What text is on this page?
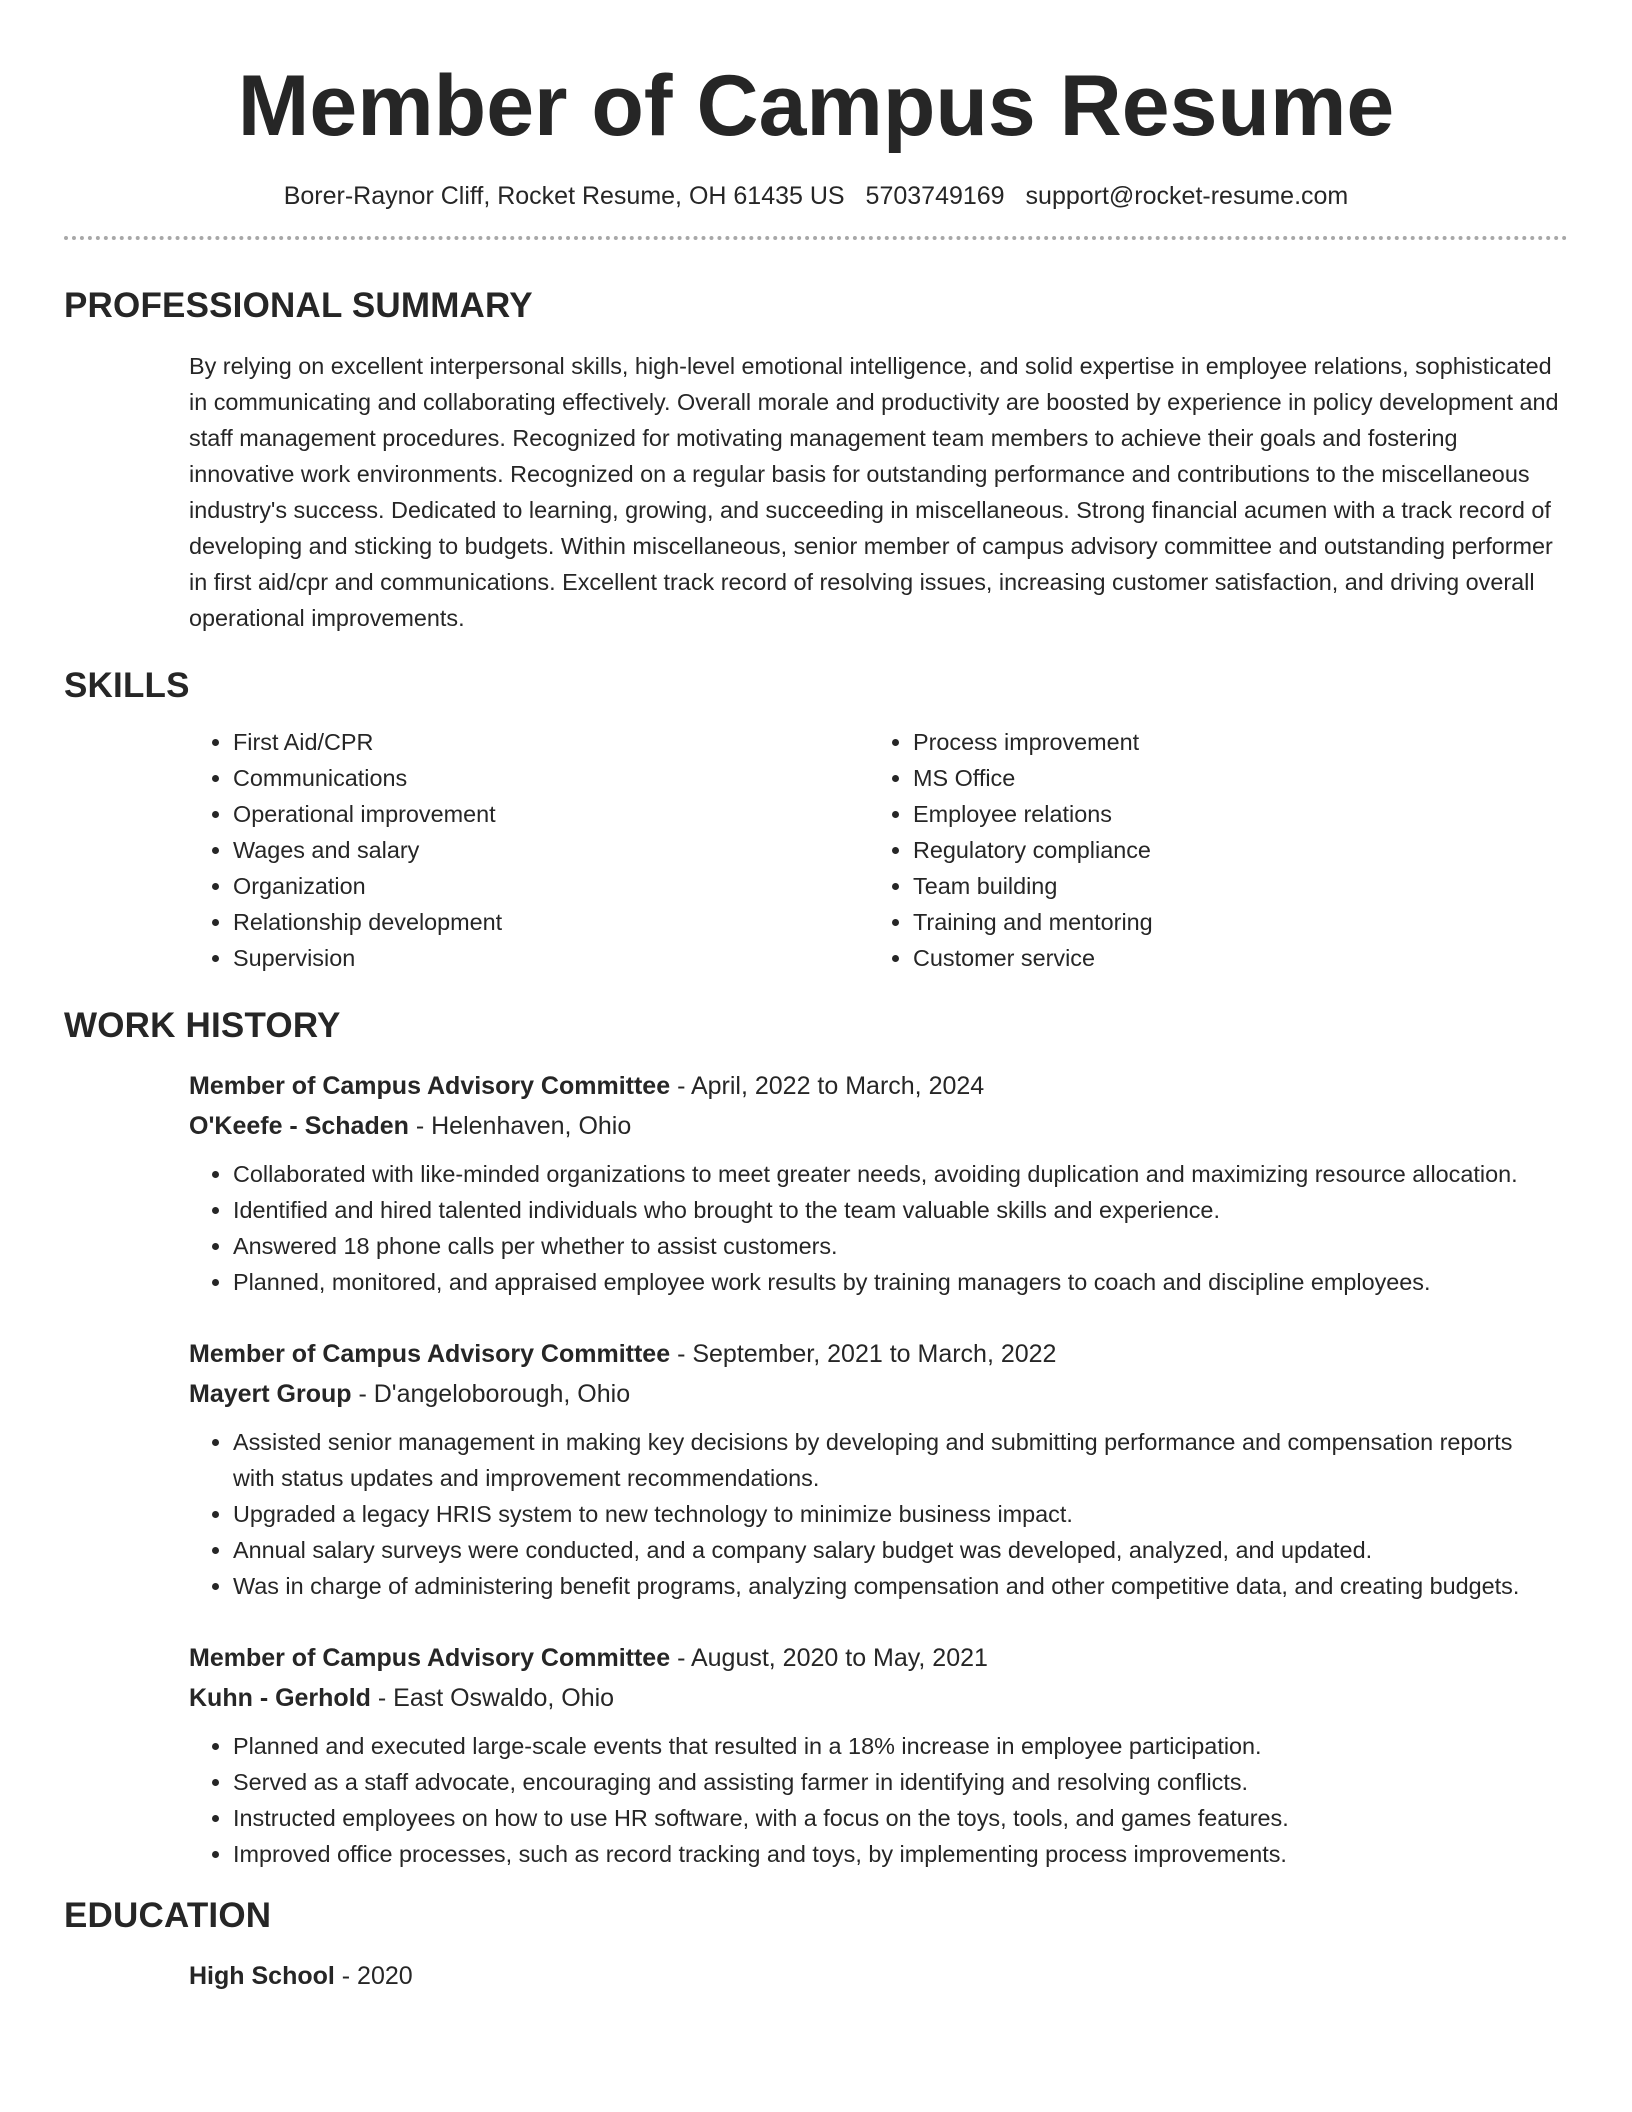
Member of Campus Resume
Borer-Raynor Cliff, Rocket Resume, OH 61435 US 5703749169 support@rocket-resume.com
PROFESSIONAL SUMMARY
By relying on excellent interpersonal skills, high-level emotional intelligence, and solid expertise in employee relations, sophisticated in communicating and collaborating effectively. Overall morale and productivity are boosted by experience in policy development and staff management procedures. Recognized for motivating management team members to achieve their goals and fostering innovative work environments. Recognized on a regular basis for outstanding performance and contributions to the miscellaneous industry's success. Dedicated to learning, growing, and succeeding in miscellaneous. Strong financial acumen with a track record of developing and sticking to budgets. Within miscellaneous, senior member of campus advisory committee and outstanding performer in first aid/cpr and communications. Excellent track record of resolving issues, increasing customer satisfaction, and driving overall operational improvements.
SKILLS
• First Aid/CPR
• Communications
• Operational improvement
• Wages and salary
• Organization
• Relationship development
• Supervision
• Process improvement
• MS Office
• Employee relations
• Regulatory compliance
• Team building
• Training and mentoring
• Customer service
WORK HISTORY
Member of Campus Advisory Committee - April, 2022 to March, 2024
O'Keefe - Schaden - Helenhaven, Ohio
• Collaborated with like-minded organizations to meet greater needs, avoiding duplication and maximizing resource allocation.
• Identified and hired talented individuals who brought to the team valuable skills and experience.
• Answered 18 phone calls per whether to assist customers.
• Planned, monitored, and appraised employee work results by training managers to coach and discipline employees.
Member of Campus Advisory Committee - September, 2021 to March, 2022
Mayert Group - D'angeloborough, Ohio
• Assisted senior management in making key decisions by developing and submitting performance and compensation reports with status updates and improvement recommendations.
• Upgraded a legacy HRIS system to new technology to minimize business impact.
• Annual salary surveys were conducted, and a company salary budget was developed, analyzed, and updated.
• Was in charge of administering benefit programs, analyzing compensation and other competitive data, and creating budgets.
Member of Campus Advisory Committee - August, 2020 to May, 2021
Kuhn - Gerhold - East Oswaldo, Ohio
• Planned and executed large-scale events that resulted in a 18% increase in employee participation.
• Served as a staff advocate, encouraging and assisting farmer in identifying and resolving conflicts.
• Instructed employees on how to use HR software, with a focus on the toys, tools, and games features.
• Improved office processes, such as record tracking and toys, by implementing process improvements.
EDUCATION
High School - 2020
